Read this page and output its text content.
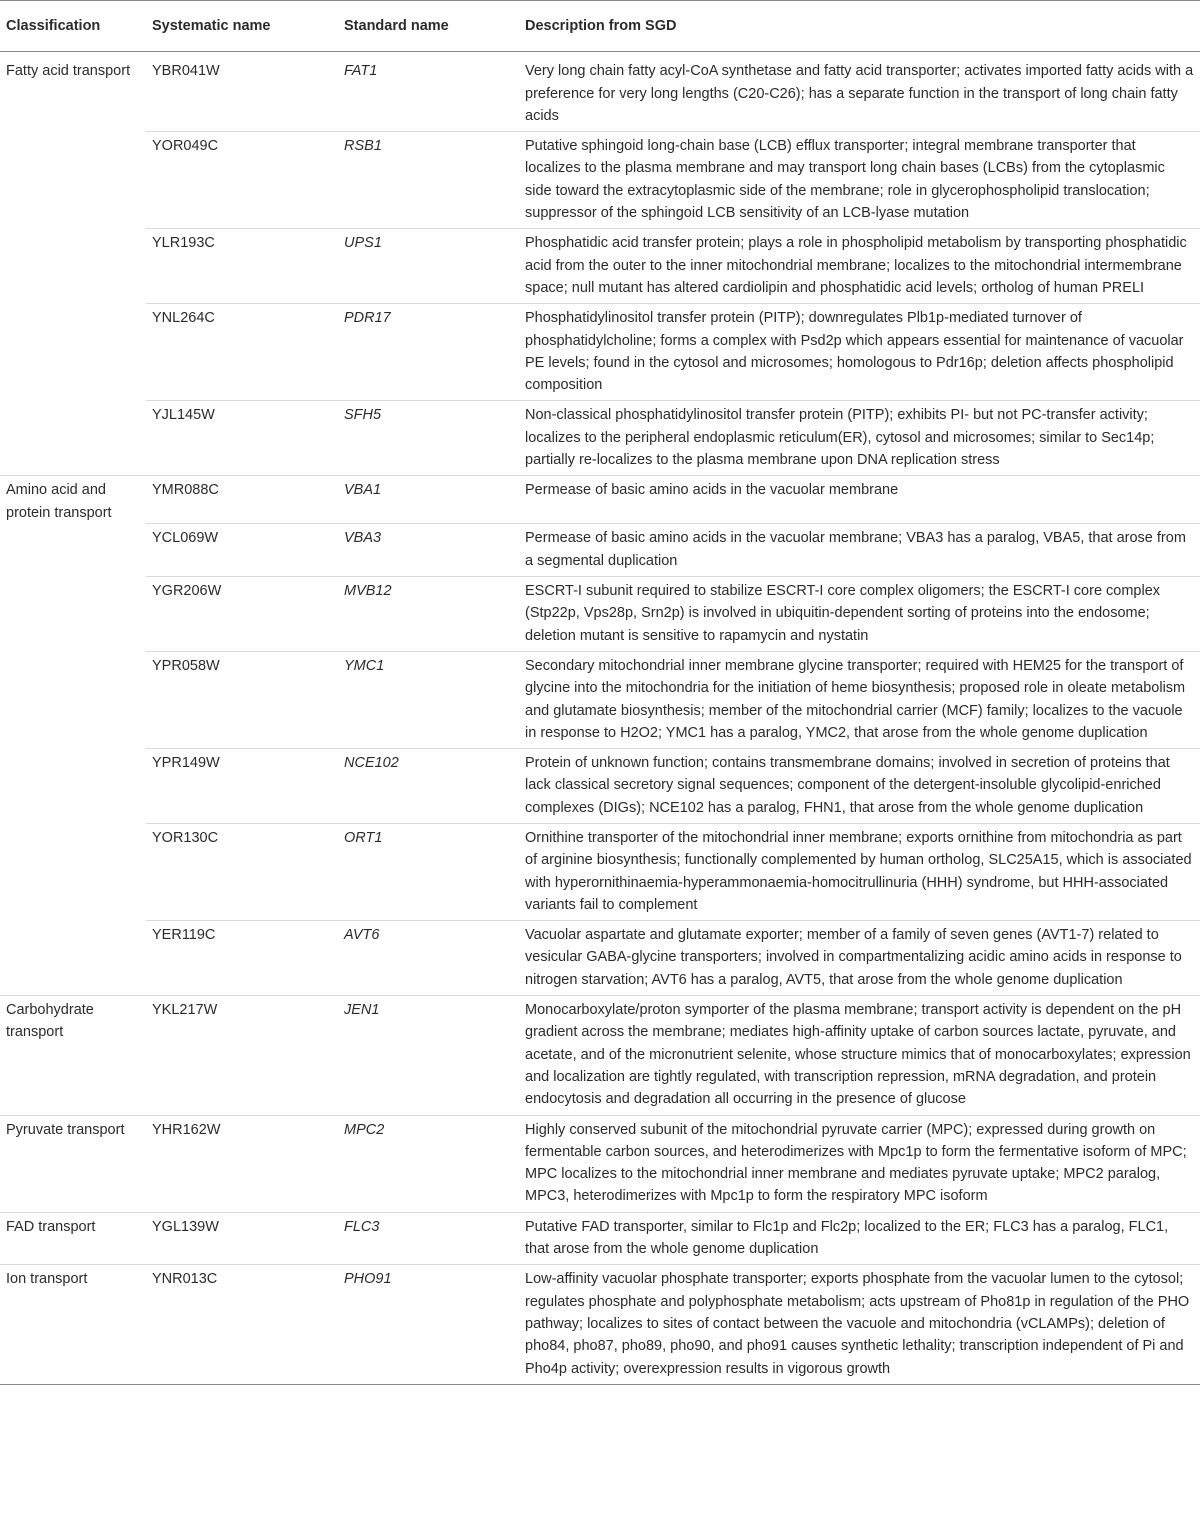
Classification	Systematic name	Standard name	Description from SGD
Fatty acid transport	YBR041W	FAT1	Very long chain fatty acyl-CoA synthetase and fatty acid transporter; activates imported fatty acids with a preference for very long lengths (C20-C26); has a separate function in the transport of long chain fatty acids
	YOR049C	RSB1	Putative sphingoid long-chain base (LCB) efflux transporter; integral membrane transporter that localizes to the plasma membrane and may transport long chain bases (LCBs) from the cytoplasmic side toward the extracytoplasmic side of the membrane; role in glycerophospholipid translocation; suppressor of the sphingoid LCB sensitivity of an LCB-lyase mutation
	YLR193C	UPS1	Phosphatidic acid transfer protein; plays a role in phospholipid metabolism by transporting phosphatidic acid from the outer to the inner mitochondrial membrane; localizes to the mitochondrial intermembrane space; null mutant has altered cardiolipin and phosphatidic acid levels; ortholog of human PRELI
	YNL264C	PDR17	Phosphatidylinositol transfer protein (PITP); downregulates Plb1p-mediated turnover of phosphatidylcholine; forms a complex with Psd2p which appears essential for maintenance of vacuolar PE levels; found in the cytosol and microsomes; homologous to Pdr16p; deletion affects phospholipid composition
	YJL145W	SFH5	Non-classical phosphatidylinositol transfer protein (PITP); exhibits PI- but not PC-transfer activity; localizes to the peripheral endoplasmic reticulum(ER), cytosol and microsomes; similar to Sec14p; partially re-localizes to the plasma membrane upon DNA replication stress
Amino acid and protein transport	YMR088C	VBA1	Permease of basic amino acids in the vacuolar membrane
	YCL069W	VBA3	Permease of basic amino acids in the vacuolar membrane; VBA3 has a paralog, VBA5, that arose from a segmental duplication
	YGR206W	MVB12	ESCRT-I subunit required to stabilize ESCRT-I core complex oligomers; the ESCRT-I core complex (Stp22p, Vps28p, Srn2p) is involved in ubiquitin-dependent sorting of proteins into the endosome; deletion mutant is sensitive to rapamycin and nystatin
	YPR058W	YMC1	Secondary mitochondrial inner membrane glycine transporter; required with HEM25 for the transport of glycine into the mitochondria for the initiation of heme biosynthesis; proposed role in oleate metabolism and glutamate biosynthesis; member of the mitochondrial carrier (MCF) family; localizes to the vacuole in response to H2O2; YMC1 has a paralog, YMC2, that arose from the whole genome duplication
	YPR149W	NCE102	Protein of unknown function; contains transmembrane domains; involved in secretion of proteins that lack classical secretory signal sequences; component of the detergent-insoluble glycolipid-enriched complexes (DIGs); NCE102 has a paralog, FHN1, that arose from the whole genome duplication
	YOR130C	ORT1	Ornithine transporter of the mitochondrial inner membrane; exports ornithine from mitochondria as part of arginine biosynthesis; functionally complemented by human ortholog, SLC25A15, which is associated with hyperornithinaemia-hyperammonaemia-homocitrullinuria (HHH) syndrome, but HHH-associated variants fail to complement
	YER119C	AVT6	Vacuolar aspartate and glutamate exporter; member of a family of seven genes (AVT1-7) related to vesicular GABA-glycine transporters; involved in compartmentalizing acidic amino acids in response to nitrogen starvation; AVT6 has a paralog, AVT5, that arose from the whole genome duplication
Carbohydrate transport	YKL217W	JEN1	Monocarboxylate/proton symporter of the plasma membrane; transport activity is dependent on the pH gradient across the membrane; mediates high-affinity uptake of carbon sources lactate, pyruvate, and acetate, and of the micronutrient selenite, whose structure mimics that of monocarboxylates; expression and localization are tightly regulated, with transcription repression, mRNA degradation, and protein endocytosis and degradation all occurring in the presence of glucose
Pyruvate transport	YHR162W	MPC2	Highly conserved subunit of the mitochondrial pyruvate carrier (MPC); expressed during growth on fermentable carbon sources, and heterodimerizes with Mpc1p to form the fermentative isoform of MPC; MPC localizes to the mitochondrial inner membrane and mediates pyruvate uptake; MPC2 paralog, MPC3, heterodimerizes with Mpc1p to form the respiratory MPC isoform
FAD transport	YGL139W	FLC3	Putative FAD transporter, similar to Flc1p and Flc2p; localized to the ER; FLC3 has a paralog, FLC1, that arose from the whole genome duplication
Ion transport	YNR013C	PHO91	Low-affinity vacuolar phosphate transporter; exports phosphate from the vacuolar lumen to the cytosol; regulates phosphate and polyphosphate metabolism; acts upstream of Pho81p in regulation of the PHO pathway; localizes to sites of contact between the vacuole and mitochondria (vCLAMPs); deletion of pho84, pho87, pho89, pho90, and pho91 causes synthetic lethality; transcription independent of Pi and Pho4p activity; overexpression results in vigorous growth
